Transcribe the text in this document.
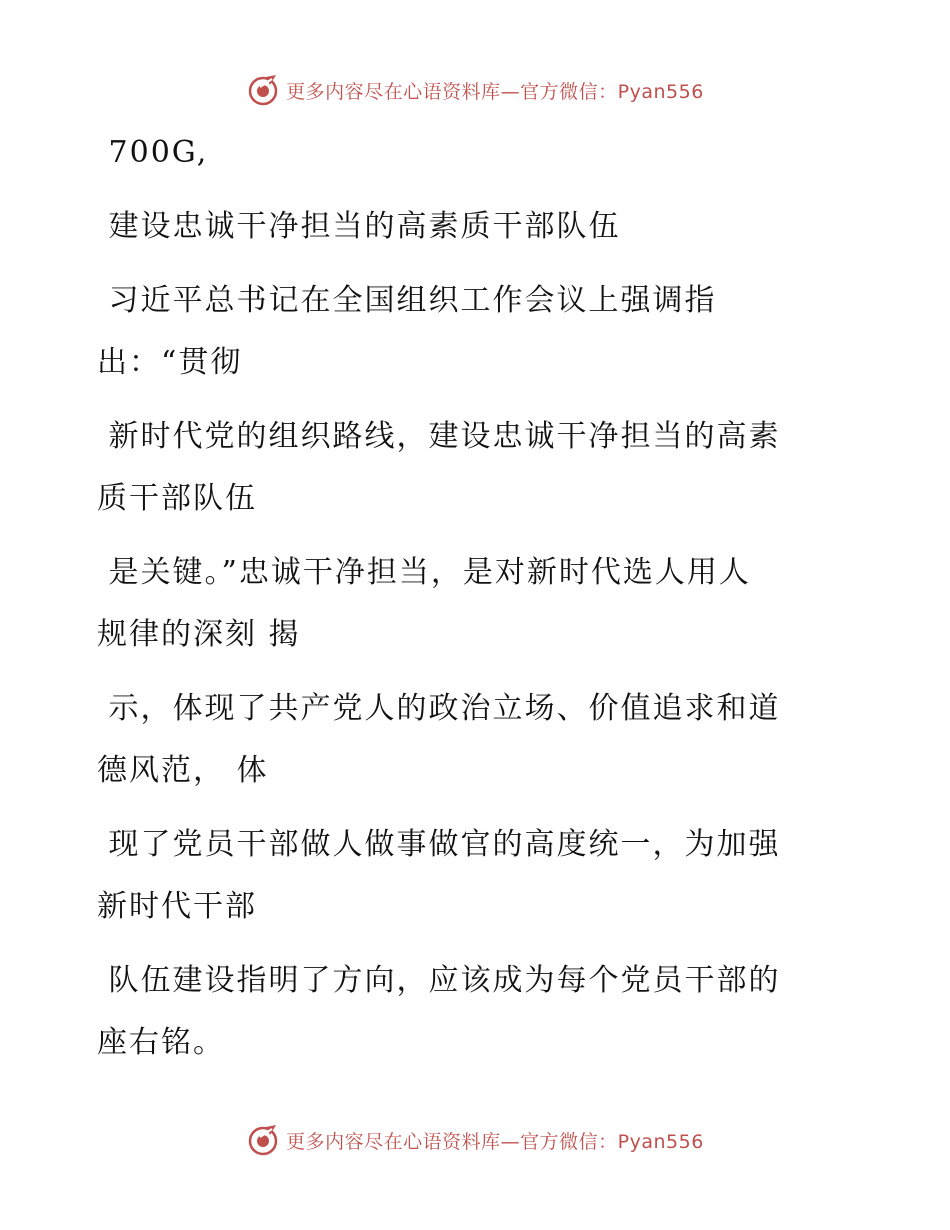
更多内容尽在心语资料库—官方微信：Pyan556
700G,
建设忠诚干净担当的高素质干部队伍
习近平总书记在全国组织工作会议上强调指
出：“贯彻
新时代党的组织路线，建设忠诚干净担当的高素
质干部队伍
是关键。”忠诚干净担当，是对新时代选人用人
规律的深刻 揭
示，体现了共产党人的政治立场、价值追求和道
德风范， 体
现了党员干部做人做事做官的高度统一，为加强
新时代干部
队伍建设指明了方向，应该成为每个党员干部的
座右铭。
更多内容尽在心语资料库—官方微信：Pyan556
